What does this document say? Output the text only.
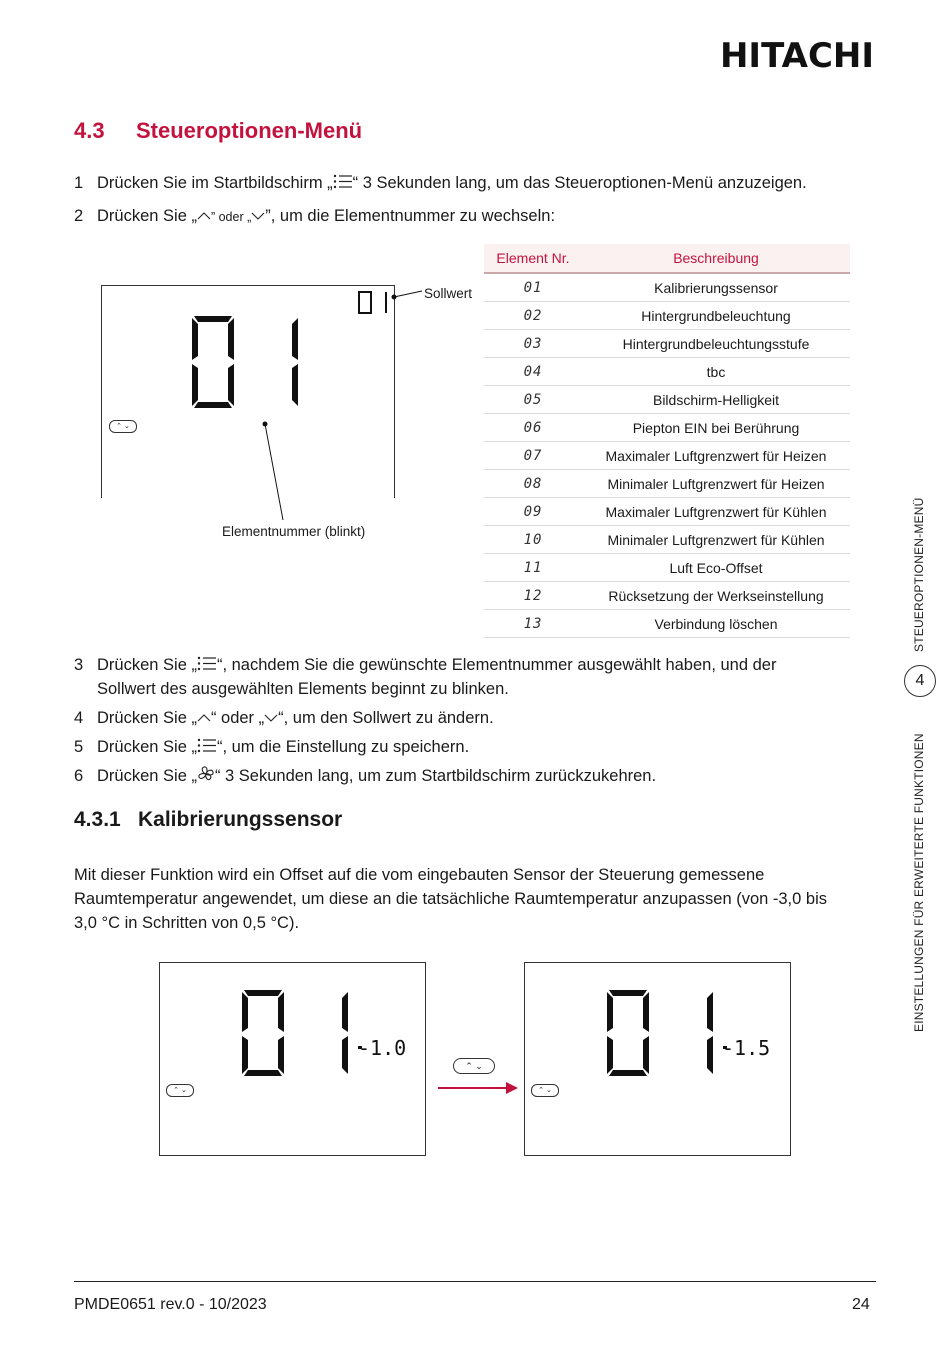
HITACHI
4.3 Steueroptionen-Menü
1 Drücken Sie im Startbildschirm „ “ 3 Sekunden lang, um das Steueroptionen-Menü anzuzeigen.
2 Drücken Sie „ ” oder „ ”, um die Elementnummer zu wechseln:
Sollwert
⌃ ⌄
Elementnummer (blinkt)
Element Nr.	Beschreibung
01	Kalibrierungssensor
02	Hintergrundbeleuchtung
03	Hintergrundbeleuchtungsstufe
04	tbc
05	Bildschirm-Helligkeit
06	Piepton EIN bei Berührung
07	Maximaler Luftgrenzwert für Heizen
08	Minimaler Luftgrenzwert für Heizen
09	Maximaler Luftgrenzwert für Kühlen
10	Minimaler Luftgrenzwert für Kühlen
11	Luft Eco-Offset
12	Rücksetzung der Werkseinstellung
13	Verbindung löschen
3 Drücken Sie „ “, nachdem Sie die gewünschte Elementnummer ausgewählt haben, und der
Sollwert des ausgewählten Elements beginnt zu blinken.
4 Drücken Sie „ “ oder „ “, um den Sollwert zu ändern.
5 Drücken Sie „ “, um die Einstellung zu speichern.
6 Drücken Sie „ “ 3 Sekunden lang, um zum Startbildschirm zurückzukehren.
4.3.1 Kalibrierungssensor
Mit dieser Funktion wird ein Offset auf die vom eingebauten Sensor der Steuerung gemessene Raumtemperatur angewendet, um diese an die tatsächliche Raumtemperatur anzupassen (von -3,0 bis 3,0 °C in Schritten von 0,5 °C).
-1.0
⌃ ⌄
⌃ ⌄
-1.5
⌃ ⌄
EINSTELLUNGEN FÜR ERWEITERTE FUNKTIONEN
4
STEUEROPTIONEN-MENÜ
PMDE0651 rev.0 - 10/2023	24
